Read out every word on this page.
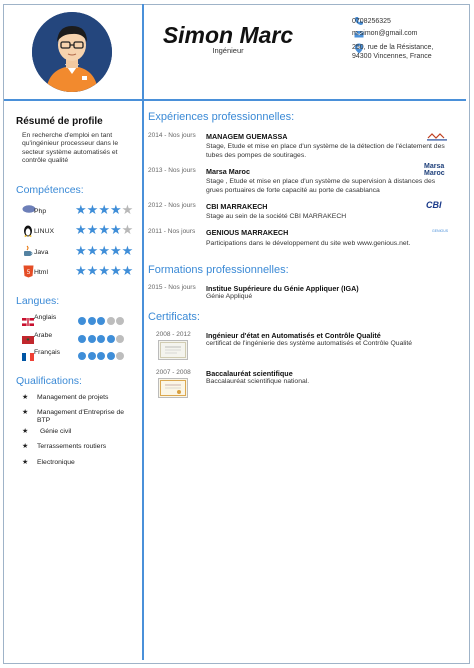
Simon Marc
Ingénieur
0708256325
m.simon@gmail.com
250, rue de la Résistance,
94300 Vincennes, France
Résumé de profile
En recherche d'emploi en tant qu'ingénieur processeur dans le secteur système automatisés et contrôle qualité
Compétences:
Php ★★★★★
LINUX ★★★★★
Java ★★★★★
5 Html ★★★★★
Langues:
Anglais
Arabe
Français
Qualifications:
★ Management de projets
★ Management d'Entreprise de BTP
★ Génie civil
★ Terrassements routiers
★ Electronique
Expériences professionnelles:
2014 - Nos jours MANAGEM GUEMASSA
Stage, Etude et mise en place d'un système de la détection de l'éclatement des tubes des pompes de soutirages.
2013 - Nos jours Marsa Maroc
Marsa Maroc
Stage , Etude et mise en place d'un système de supervision à distances des grues portuaires de forte capacité au porte de casablanca
2012 - Nos jours CBI MARRAKECH	CBI
Stage au sein de la société CBI MARRAKECH
2011 - Nos jours GENIOUS MARRAKECH	GENIOUS
Participations dans le développement du site web www.genious.net.
Formations professionnelles:
2015 - Nos jours Institue Supérieure du Génie Appliquer (IGA)
Génie Appliqué
Certificats:
2008 - 2012 Ingénieur d'état en Automatisés et Contrôle Qualité
certificat de l'ingénierie des système automatisés et Contrôle Qualité
2007 - 2008 Baccalauréat scientifique
Baccalauréat scientifique national.
